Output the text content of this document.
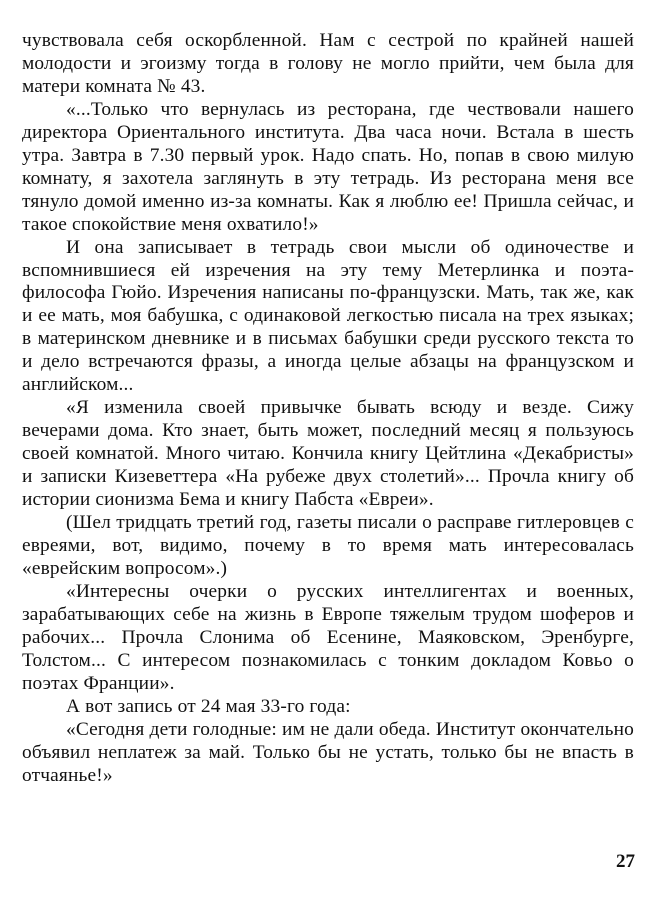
чувствовала себя оскорбленной. Нам с сестрой по крайней нашей молодости и эгоизму тогда в голову не могло прийти, чем была для матери комната № 43.

«...Только что вернулась из ресторана, где чествовали нашего директора Ориентального института. Два часа ночи. Встала в шесть утра. Завтра в 7.30 первый урок. Надо спать. Но, попав в свою милую комнату, я захотела заглянуть в эту тетрадь. Из ресторана меня все тянуло домой именно из-за комнаты. Как я люблю ее! Пришла сейчас, и такое спокойствие меня охватило!»

И она записывает в тетрадь свои мысли об одиночестве и вспомнившиеся ей изречения на эту тему Метерлинка и поэта-философа Гюйо. Изречения написаны по-французски. Мать, так же, как и ее мать, моя бабушка, с одинаковой легкостью писала на трех языках; в материнском дневнике и в письмах бабушки среди русского текста то и дело встречаются фразы, а иногда целые абзацы на французском и английском...

«Я изменила своей привычке бывать всюду и везде. Сижу вечерами дома. Кто знает, быть может, последний месяц я пользуюсь своей комнатой. Много читаю. Кончила книгу Цейтлина «Декабристы» и записки Кизеветтера «На рубеже двух столетий»... Прочла книгу об истории сионизма Бема и книгу Пабста «Евреи».

(Шел тридцать третий год, газеты писали о расправе гитлеровцев с евреями, вот, видимо, почему в то время мать интересовалась «еврейским вопросом».)

«Интересны очерки о русских интеллигентах и военных, зарабатывающих себе на жизнь в Европе тяжелым трудом шоферов и рабочих... Прочла Слонима об Есенине, Маяковском, Эренбурге, Толстом... С интересом познакомилась с тонким докладом Ковьо о поэтах Франции».

А вот запись от 24 мая 33-го года:

«Сегодня дети голодные: им не дали обеда. Институт окончательно объявил неплатеж за май. Только бы не устать, только бы не впасть в отчаянье!»

27
